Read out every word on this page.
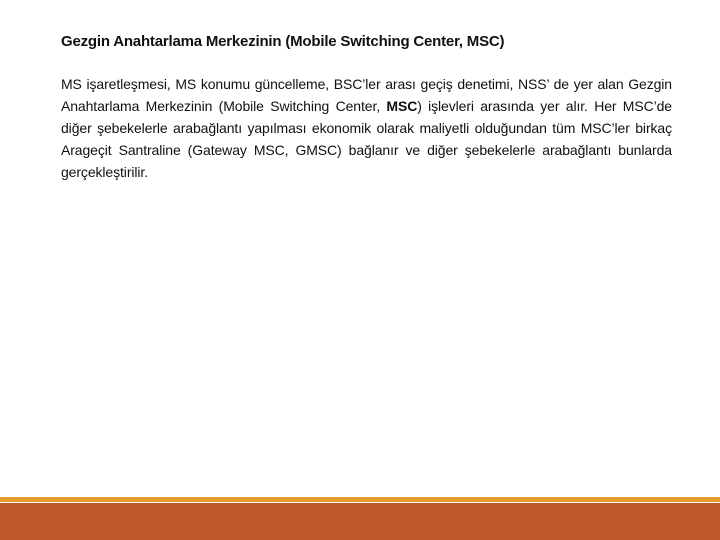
Gezgin Anahtarlama Merkezinin (Mobile Switching Center, MSC)
MS işaretleşmesi, MS konumu güncelleme, BSC’ler arası geçiş denetimi, NSS’ de yer alan Gezgin Anahtarlama Merkezinin (Mobile Switching Center, MSC) işlevleri arasında yer alır. Her MSC’de diğer şebekelerle arabağlantı yapılması ekonomik olarak maliyetli olduğundan tüm MSC’ler birkaç Arageçit Santraline (Gateway MSC, GMSC) bağlanır ve diğer şebekelerle arabağlantı bunlarda gerçekleştirilir.
